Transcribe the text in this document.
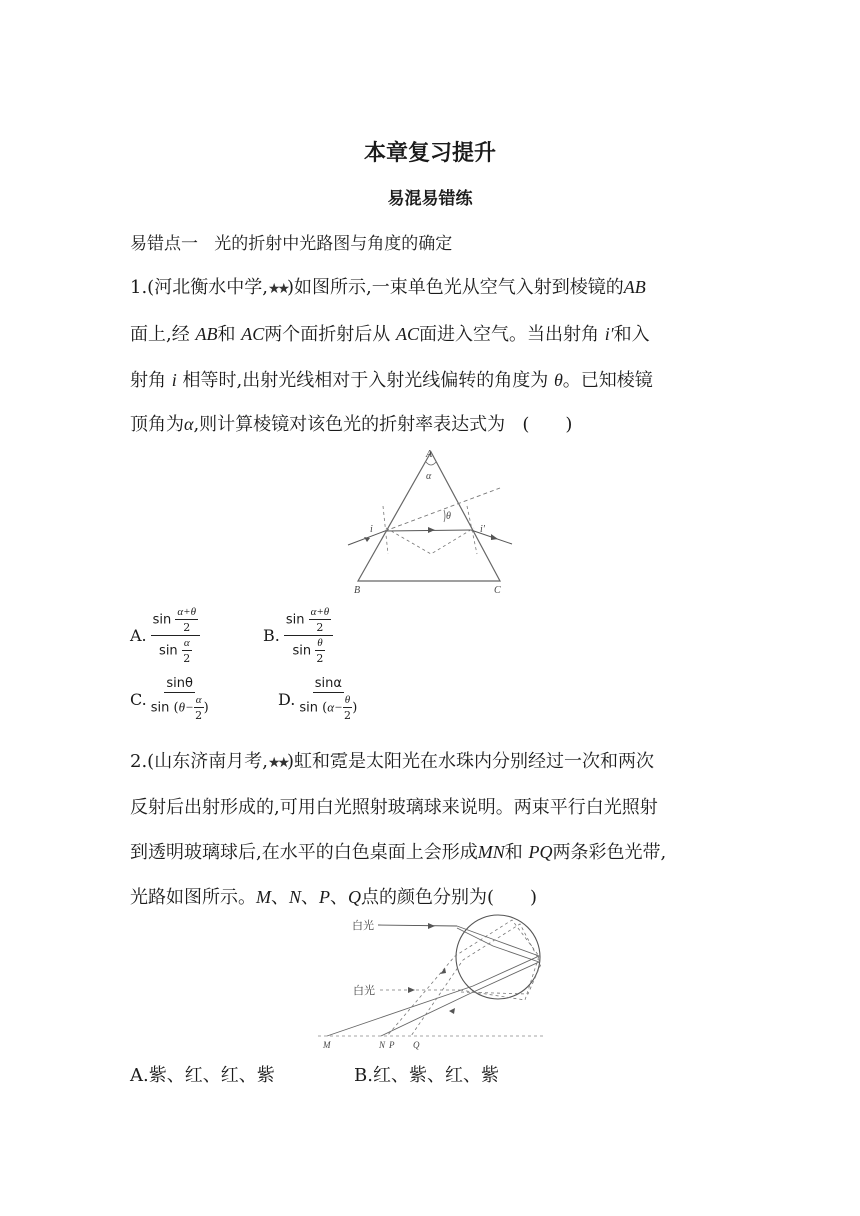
本章复习提升
易混易错练
易错点一 光的折射中光路图与角度的确定
1.(河北衡水中学,★★)如图所示,一束单色光从空气入射到棱镜的AB
面上,经 AB和 AC两个面折射后从 AC面进入空气。当出射角 i′和入
射角 i 相等时,出射光线相对于入射光线偏转的角度为 θ。已知棱镜
顶角为α,则计算棱镜对该色光的折射率表达式为 (　　)
A
α
θ
i	i′
B	C
A. $\frac{\sin \frac{\alpha+\theta}{2}}{\sin \frac{\alpha}{2}}$	B. $\frac{\sin \frac{\alpha+\theta}{2}}{\sin \frac{\theta}{2}}$
C. $\frac{\sin\theta}{\sin (\theta- \frac{\alpha}{2} )}$	D. $\frac{\sin\alpha}{\sin (\alpha- \frac{\theta}{2} )}$
2.(山东济南月考,★★)虹和霓是太阳光在水珠内分别经过一次和两次
反射后出射形成的,可用白光照射玻璃球来说明。两束平行白光照射
到透明玻璃球后,在水平的白色桌面上会形成MN和 PQ两条彩色光带,
光路如图所示。M、N、P、Q点的颜色分别为(　　)
白光
白光
M	N P Q
A.紫、红、红、紫	B.红、紫、红、紫
